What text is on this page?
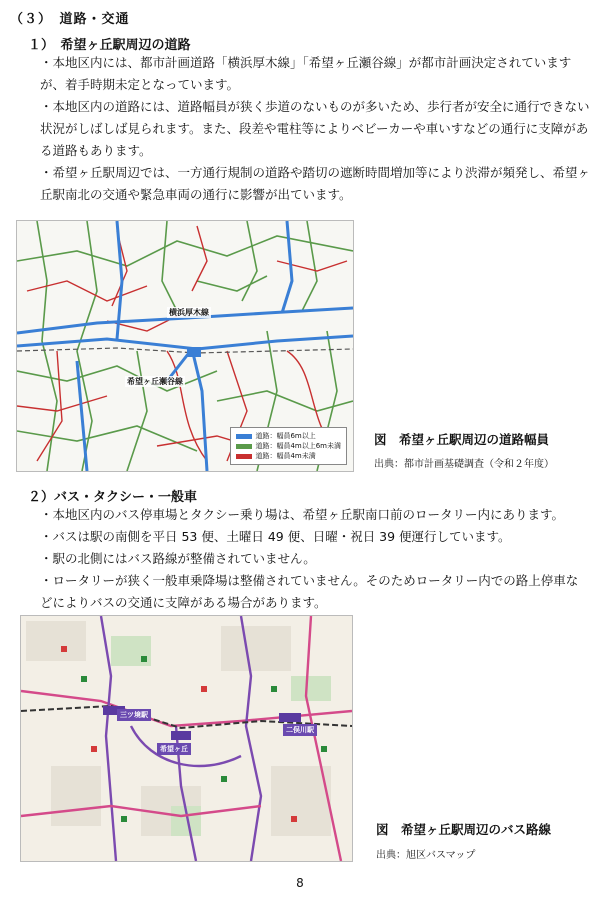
（３）　道路・交通
１）　希望ヶ丘駅周辺の道路

・本地区内には、都市計画道路「横浜厚木線」「希望ヶ丘瀬谷線」が都市計画決定されていますが、着手時期未定となっています。

・本地区内の道路には、道路幅員が狭く歩道のないものが多いため、歩行者が安全に通行できない状況がしばしば見られます。また、段差や電柱等によりベビーカーや車いすなどの通行に支障がある道路もあります。

・希望ヶ丘駅周辺では、一方通行規制の道路や踏切の遮断時間増加等により渋滞が頻発し、希望ヶ丘駅南北の交通や緊急車両の通行に影響が出ています。

横浜厚木線
希望ヶ丘瀬谷線
道路：幅員6m以上
道路：幅員4m以上6m未満
道路：幅員4m未満
図　希望ヶ丘駅周辺の道路幅員
出典：都市計画基礎調査（令和２年度）
２）バス・タクシー・一般車

・本地区内のバス停車場とタクシー乗り場は、希望ヶ丘駅南口前のロータリー内にあります。

・バスは駅の南側を平日 53 便、土曜日 49 便、日曜・祝日 39 便運行しています。

・駅の北側にはバス路線が整備されていません。

・ロータリーが狭く一般車乗降場は整備されていません。そのためロータリー内での路上停車などによりバスの交通に支障がある場合があります。

三ツ境駅
希望ヶ丘
二俣川駅
図　希望ヶ丘駅周辺のバス路線
出典：旭区バスマップ
8
